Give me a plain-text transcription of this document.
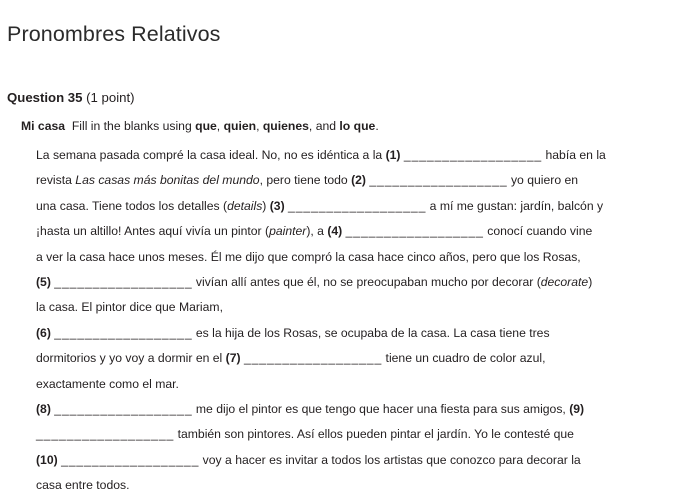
Pronombres Relativos
Question 35 (1 point)
Mi casa Fill in the blanks using que, quien, quienes, and lo que.
La semana pasada compré la casa ideal. No, no es idéntica a la (1) __________________ había en la
revista Las casas más bonitas del mundo, pero tiene todo (2) __________________ yo quiero en
una casa. Tiene todos los detalles (details) (3) __________________ a mí me gustan: jardín, balcón y
¡hasta un altillo! Antes aquí vivía un pintor (painter), a (4) __________________ conocí cuando vine
a ver la casa hace unos meses. Él me dijo que compró la casa hace cinco años, pero que los Rosas,
(5) __________________ vivían allí antes que él, no se preocupaban mucho por decorar (decorate)
la casa. El pintor dice que Mariam,
(6) __________________ es la hija de los Rosas, se ocupaba de la casa. La casa tiene tres
dormitorios y yo voy a dormir en el (7) __________________ tiene un cuadro de color azul,
exactamente como el mar.
(8) __________________ me dijo el pintor es que tengo que hacer una fiesta para sus amigos, (9)
__________________ también son pintores. Así ellos pueden pintar el jardín. Yo le contesté que
(10) __________________ voy a hacer es invitar a todos los artistas que conozco para decorar la
casa entre todos.
